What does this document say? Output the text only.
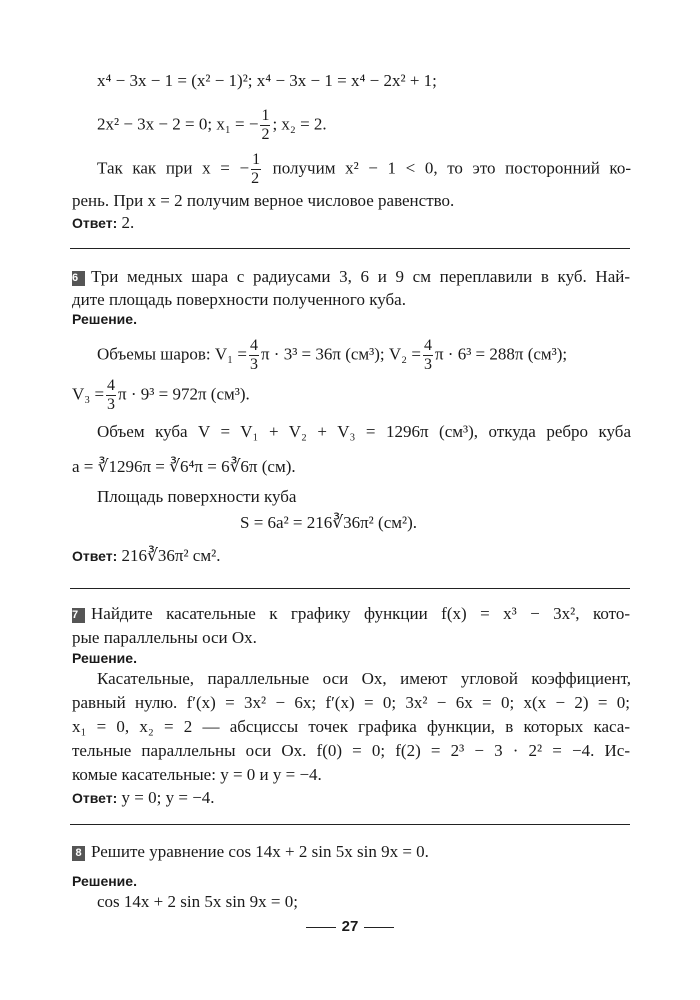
x⁴ − 3x − 1 = (x² − 1)²; x⁴ − 3x − 1 = x⁴ − 2x² + 1;
2x² − 3x − 2 = 0; x₁ = − $\frac{1}{2}$ ; x₂ = 2.
Так как при x = − $\frac{1}{2}$ получим x² − 1 < 0, то это посторонний ко-
рень. При x = 2 получим верное числовое равенство.
Ответ: 2.
6 Три медных шара с радиусами 3, 6 и 9 см переплавили в куб. Най-
дите площадь поверхности полученного куба.
Решение.
Объемы шаров: $V_1 = \frac{4}{3}$ π · 3³ = 36π (см³); $V_2 = \frac{4}{3}$ π · 6³ = 288π (см³);
$V_3 = \frac{4}{3}$ π · 9³ = 972π (см³).
Объем куба V = V₁ + V₂ + V₃ = 1296π (см³), откуда ребро куба
a = ∛1296π = ∛6⁴π = 6∛6π (см).
Площадь поверхности куба
S = 6a² = 216∛36π² (см²).
Ответ: 216∛36π² см².
7 Найдите касательные к графику функции f(x) = x³ − 3x², кото-
рые параллельны оси Ox.
Решение.
Касательные, параллельные оси Ox, имеют угловой коэффициент,
равный нулю. f′(x) = 3x² − 6x; f′(x) = 0; 3x² − 6x = 0; x(x − 2) = 0;
x₁ = 0, x₂ = 2 — абсциссы точек графика функции, в которых каса-
тельные параллельны оси Ox. f(0) = 0; f(2) = 2³ − 3 · 2² = −4. Ис-
комые касательные: y = 0 и y = −4.
Ответ: y = 0; y = −4.
8 Решите уравнение cos 14x + 2 sin 5x sin 9x = 0.
Решение.
cos 14x + 2 sin 5x sin 9x = 0;
27
